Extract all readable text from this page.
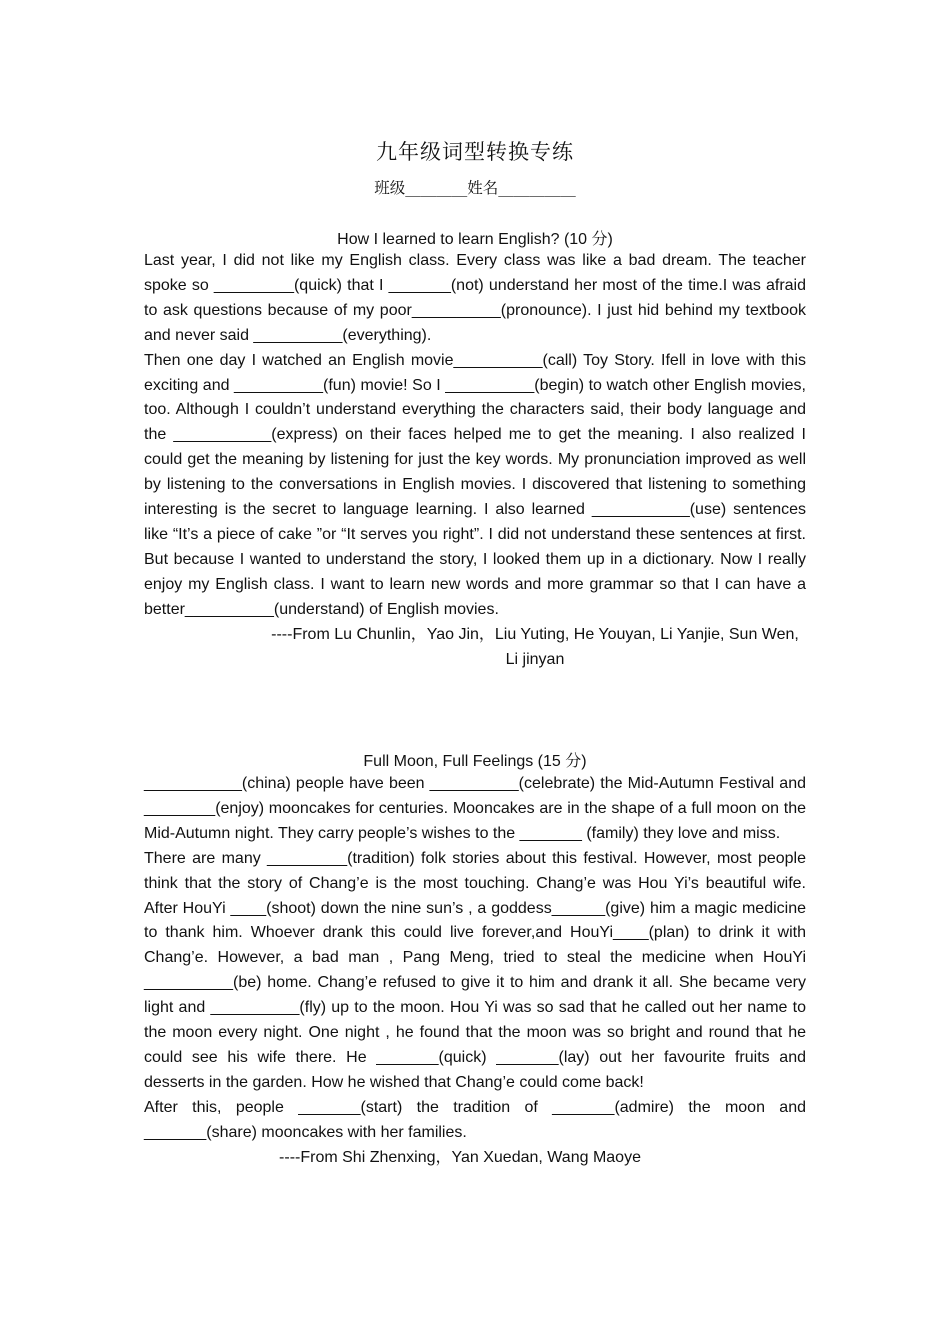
九年级词型转换专练
班级________姓名__________
How I learned to learn English? (10 分)

Last year, I did not like my English class. Every class was like a bad dream. The teacher spoke so _________(quick) that I _______(not) understand her most of the time.I was afraid to ask questions because of my poor__________(pronounce). I just hid behind my textbook and never said __________(everything).

Then one day I watched an English movie__________(call) Toy Story. Ifell in love with this exciting and __________(fun) movie! So I __________(begin) to watch other English movies, too. Although I couldn’t understand everything the characters said, their body language and the ___________(express) on their faces helped me to get the meaning. I also realized I could get the meaning by listening for just the key words. My pronunciation improved as well by listening to the conversations in English movies. I discovered that listening to something interesting is the secret to language learning. I also learned ___________(use) sentences like “It’s a piece of cake ”or “It serves you right”. I did not understand these sentences at first. But because I wanted to understand the story, I looked them up in a dictionary. Now I really enjoy my English class. I want to learn new words and more grammar so that I can have a better__________(understand) of English movies.

----From Lu Chunlin，Yao Jin，Liu Yuting, He Youyan, Li Yanjie, Sun Wen, Li jinyan

Full Moon, Full Feelings (15 分)

___________(china) people have been __________(celebrate) the Mid-Autumn Festival and ________(enjoy) mooncakes for centuries. Mooncakes are in the shape of a full moon on the Mid-Autumn night. They carry people’s wishes to the _______ (family) they love and miss.

There are many _________(tradition) folk stories about this festival. However, most people think that the story of Chang’e is the most touching. Chang’e was Hou Yi’s beautiful wife. After HouYi ____(shoot) down the nine sun’s , a goddess______(give) him a magic medicine to thank him. Whoever drank this could live forever,and HouYi____(plan) to drink it with Chang’e. However, a bad man , Pang Meng, tried to steal the medicine when HouYi __________(be) home. Chang’e refused to give it to him and drank it all. She became very light and __________(fly) up to the moon. Hou Yi was so sad that he called out her name to the moon every night. One night , he found that the moon was so bright and round that he could see his wife there. He _______(quick) _______(lay) out her favourite fruits and desserts in the garden. How he wished that Chang’e could come back!

After this, people _______(start) the tradition of _______(admire) the moon and _______(share) mooncakes with her families.

----From Shi Zhenxing，Yan Xuedan, Wang Maoye
